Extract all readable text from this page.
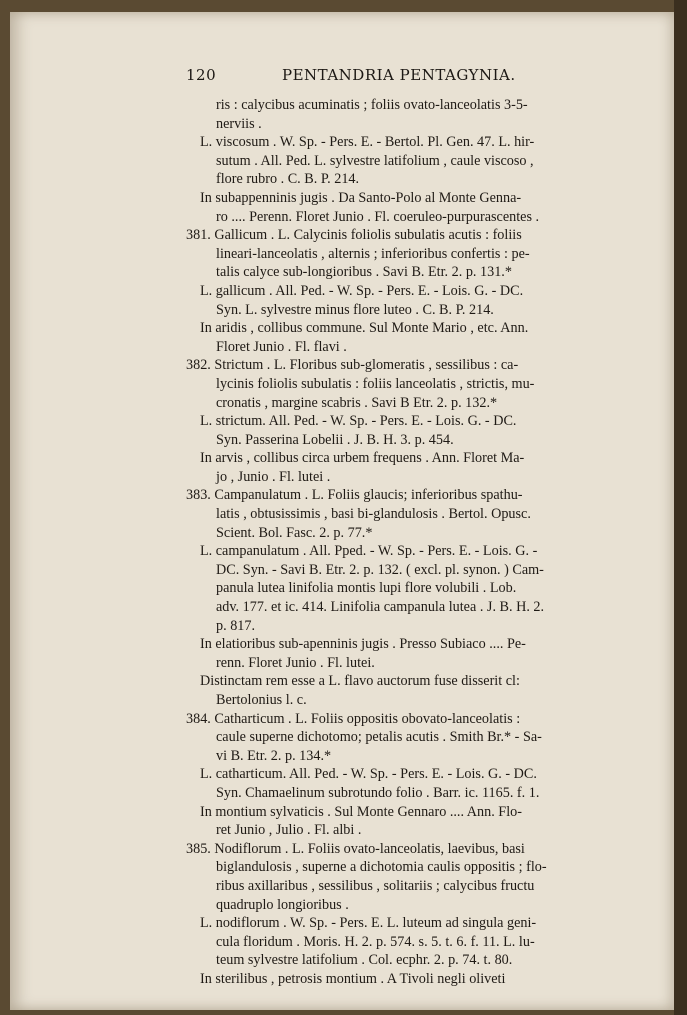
120	PENTANDRIA PENTAGYNIA.
ris : calycibus acuminatis ; foliis ovato-lanceolatis 3-5-
nerviis .
L. viscosum . W. Sp. - Pers. E. - Bertol. Pl. Gen. 47. L. hir-
sutum . All. Ped. L. sylvestre latifolium , caule viscoso ,
flore rubro . C. B. P. 214.
In subappenninis jugis . Da Santo-Polo al Monte Genna-
ro .... Perenn. Floret Junio . Fl. coeruleo-purpurascentes .
381. Gallicum . L. Calycinis foliolis subulatis acutis : foliis
lineari-lanceolatis , alternis ; inferioribus confertis : pe-
talis calyce sub-longioribus . Savi B. Etr. 2. p. 131.*
L. gallicum . All. Ped. - W. Sp. - Pers. E. - Lois. G. - DC.
Syn. L. sylvestre minus flore luteo . C. B. P. 214.
In aridis , collibus commune. Sul Monte Mario , etc. Ann.
Floret Junio . Fl. flavi .
382. Strictum . L. Floribus sub-glomeratis , sessilibus : ca-
lycinis foliolis subulatis : foliis lanceolatis , strictis, mu-
cronatis , margine scabris . Savi B Etr. 2. p. 132.*
L. strictum. All. Ped. - W. Sp. - Pers. E. - Lois. G. - DC.
Syn. Passerina Lobelii . J. B. H. 3. p. 454.
In arvis , collibus circa urbem frequens . Ann. Floret Ma-
jo , Junio . Fl. lutei .
383. Campanulatum . L. Foliis glaucis; inferioribus spathu-
latis , obtusissimis , basi bi-glandulosis . Bertol. Opusc.
Scient. Bol. Fasc. 2. p. 77.*
L. campanulatum . All. Pped. - W. Sp. - Pers. E. - Lois. G. -
DC. Syn. - Savi B. Etr. 2. p. 132. ( excl. pl. synon. ) Cam-
panula lutea linifolia montis lupi flore volubili . Lob.
adv. 177. et ic. 414. Linifolia campanula lutea . J. B. H. 2.
p. 817.
In elatioribus sub-apenninis jugis . Presso Subiaco .... Pe-
renn. Floret Junio . Fl. lutei.
Distinctam rem esse a L. flavo auctorum fuse disserit cl:
Bertolonius l. c.
384. Catharticum . L. Foliis oppositis obovato-lanceolatis :
caule superne dichotomo; petalis acutis . Smith Br.* - Sa-
vi B. Etr. 2. p. 134.*
L. catharticum. All. Ped. - W. Sp. - Pers. E. - Lois. G. - DC.
Syn. Chamaelinum subrotundo folio . Barr. ic. 1165. f. 1.
In montium sylvaticis . Sul Monte Gennaro .... Ann. Flo-
ret Junio , Julio . Fl. albi .
385. Nodiflorum . L. Foliis ovato-lanceolatis, laevibus, basi
biglandulosis , superne a dichotomia caulis oppositis ; flo-
ribus axillaribus , sessilibus , solitariis ; calycibus fructu
quadruplo longioribus .
L. nodiflorum . W. Sp. - Pers. E. L. luteum ad singula geni-
cula floridum . Moris. H. 2. p. 574. s. 5. t. 6. f. 11. L. lu-
teum sylvestre latifolium . Col. ecphr. 2. p. 74. t. 80.
In sterilibus , petrosis montium . A Tivoli negli oliveti
